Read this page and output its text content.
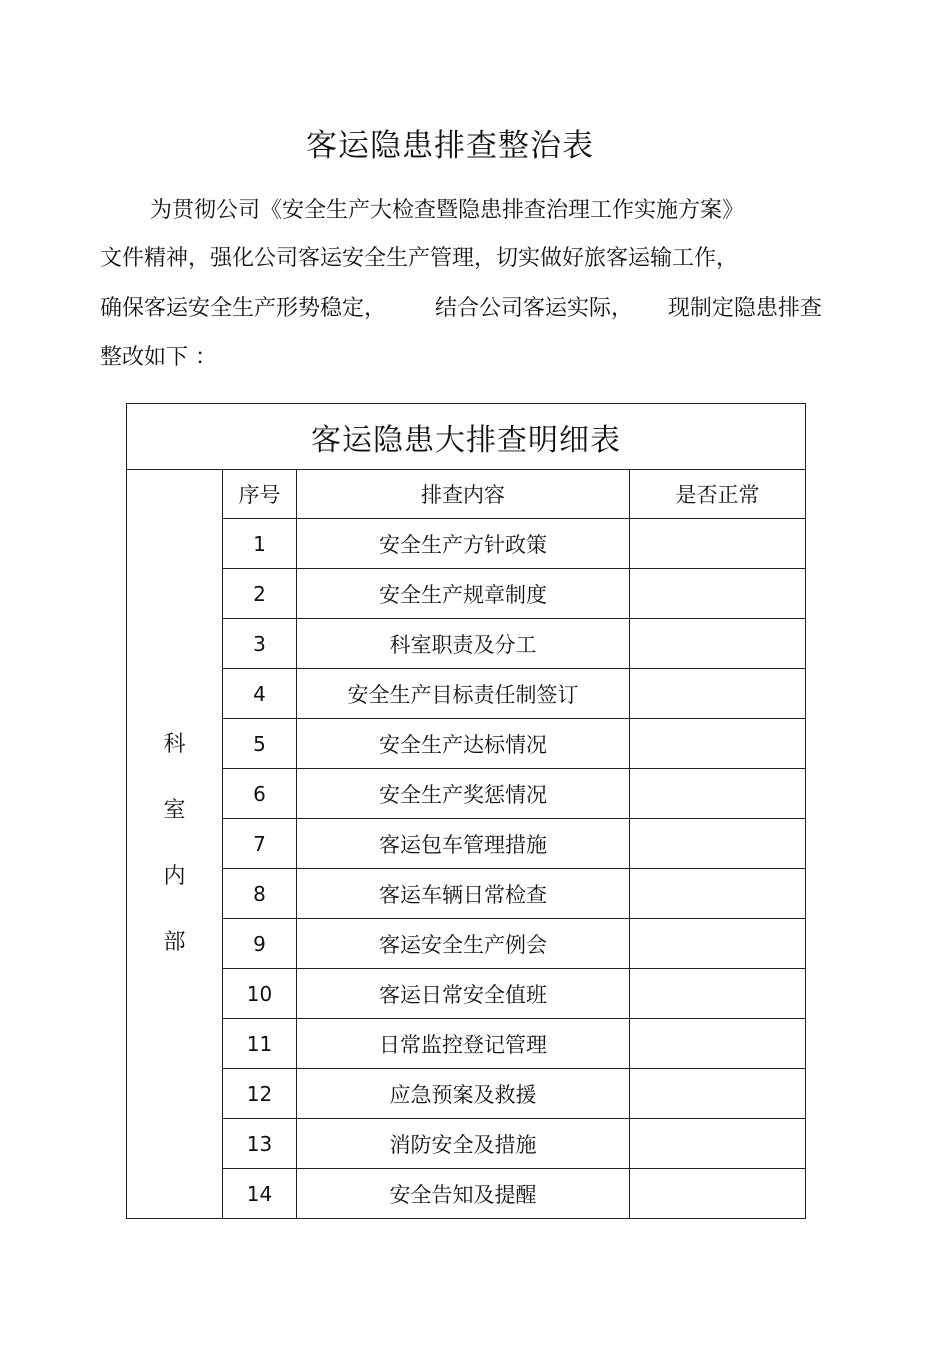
客运隐患排查整治表
为贯彻公司《安全生产大检查暨隐患排查治理工作实施方案》
文件精神，强化公司客运安全生产管理，切实做好旅客运输工作，
确保客运安全生产形势稳定，       结合公司客运实际，     现制定隐患排查
整改如下 ：
客运隐患大排查明细表			
科室内部	序号	排查内容	是否正常
	1	安全生产方针政策	
	2	安全生产规章制度	
	3	科室职责及分工	
	4	安全生产目标责任制签订	
	5	安全生产达标情况	
	6	安全生产奖惩情况	
	7	客运包车管理措施	
	8	客运车辆日常检查	
	9	客运安全生产例会	
	10	客运日常安全值班	
	11	日常监控登记管理	
	12	应急预案及救援	
	13	消防安全及措施	
	14	安全告知及提醒	
